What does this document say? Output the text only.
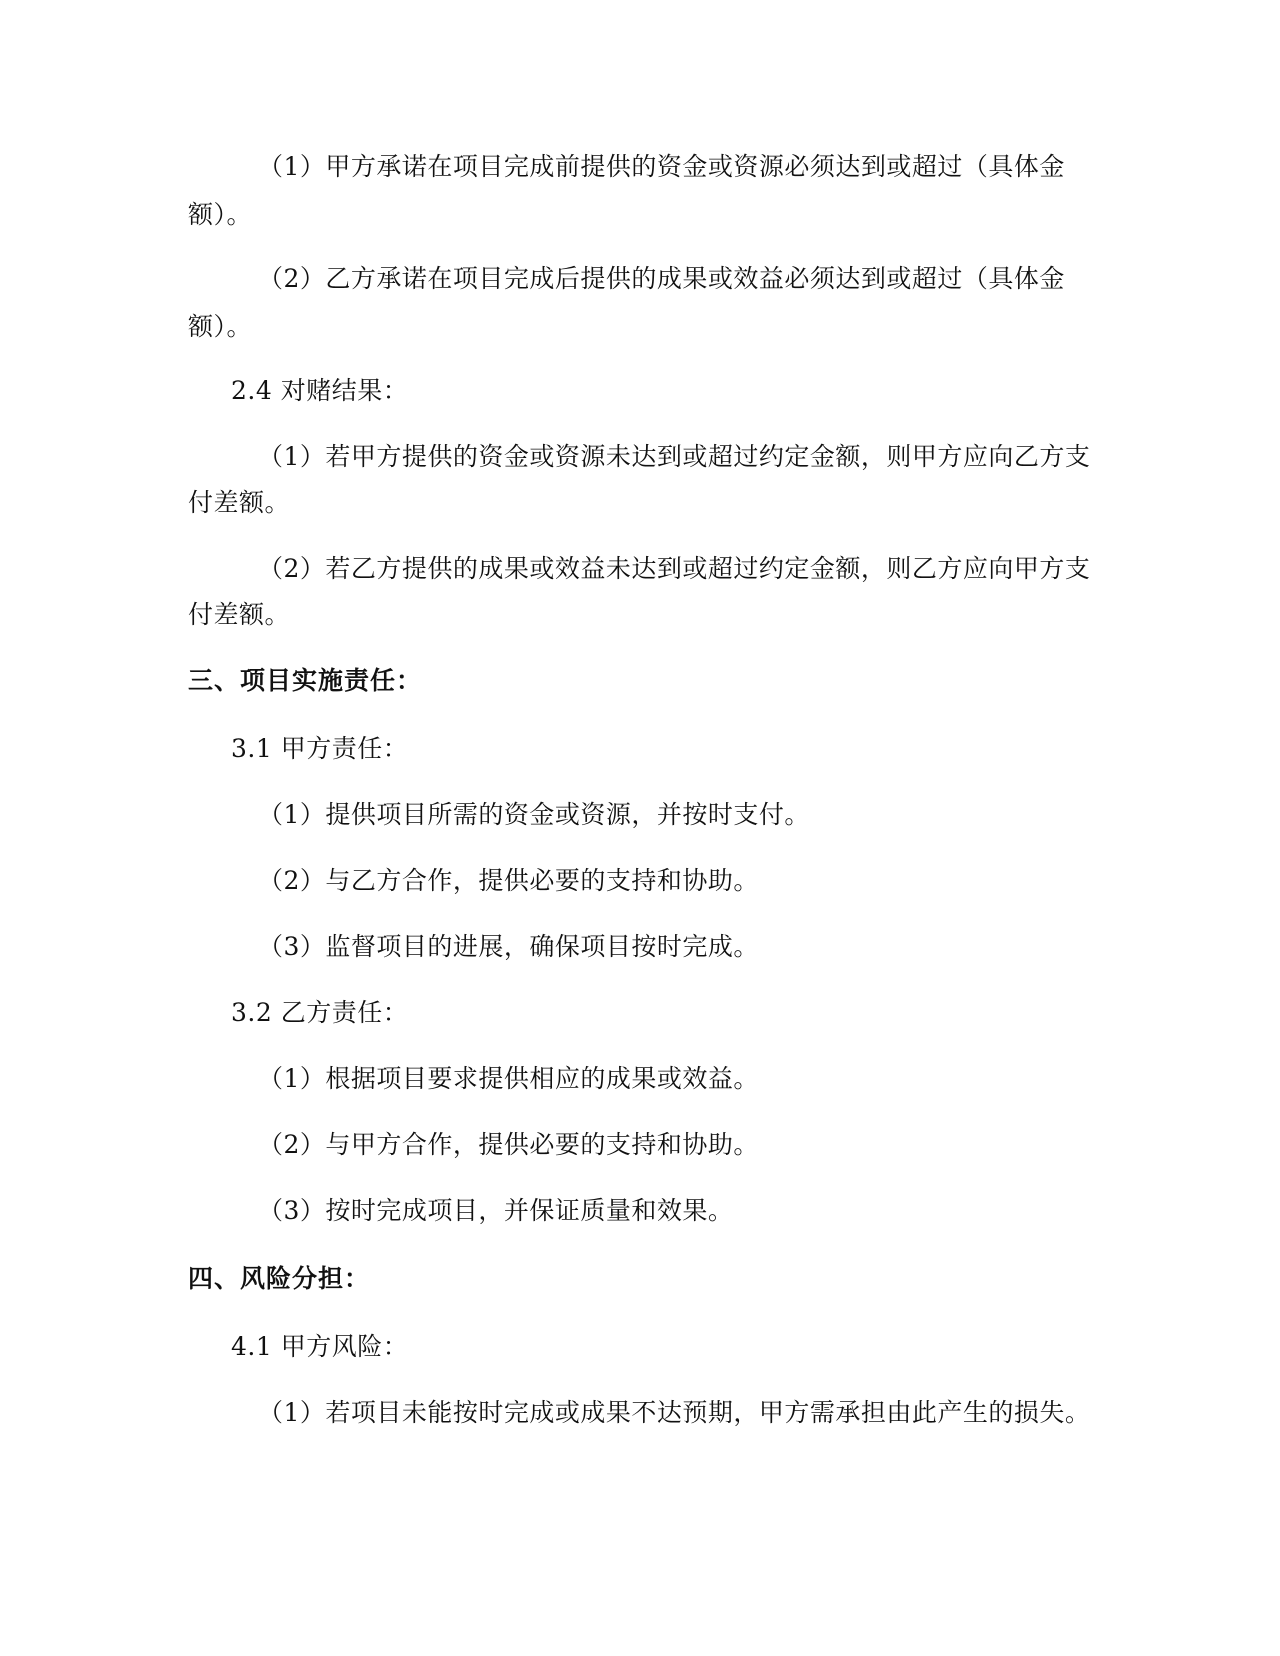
（1）甲方承诺在项目完成前提供的资金或资源必须达到或超过（具体金
额）。
（2）乙方承诺在项目完成后提供的成果或效益必须达到或超过（具体金
额）。
2.4 对赌结果：
（1）若甲方提供的资金或资源未达到或超过约定金额，则甲方应向乙方支
付差额。
（2）若乙方提供的成果或效益未达到或超过约定金额，则乙方应向甲方支
付差额。
三、项目实施责任：
3.1 甲方责任：
（1）提供项目所需的资金或资源，并按时支付。
（2）与乙方合作，提供必要的支持和协助。
（3）监督项目的进展，确保项目按时完成。
3.2 乙方责任：
（1）根据项目要求提供相应的成果或效益。
（2）与甲方合作，提供必要的支持和协助。
（3）按时完成项目，并保证质量和效果。
四、风险分担：
4.1 甲方风险：
（1）若项目未能按时完成或成果不达预期，甲方需承担由此产生的损失。
